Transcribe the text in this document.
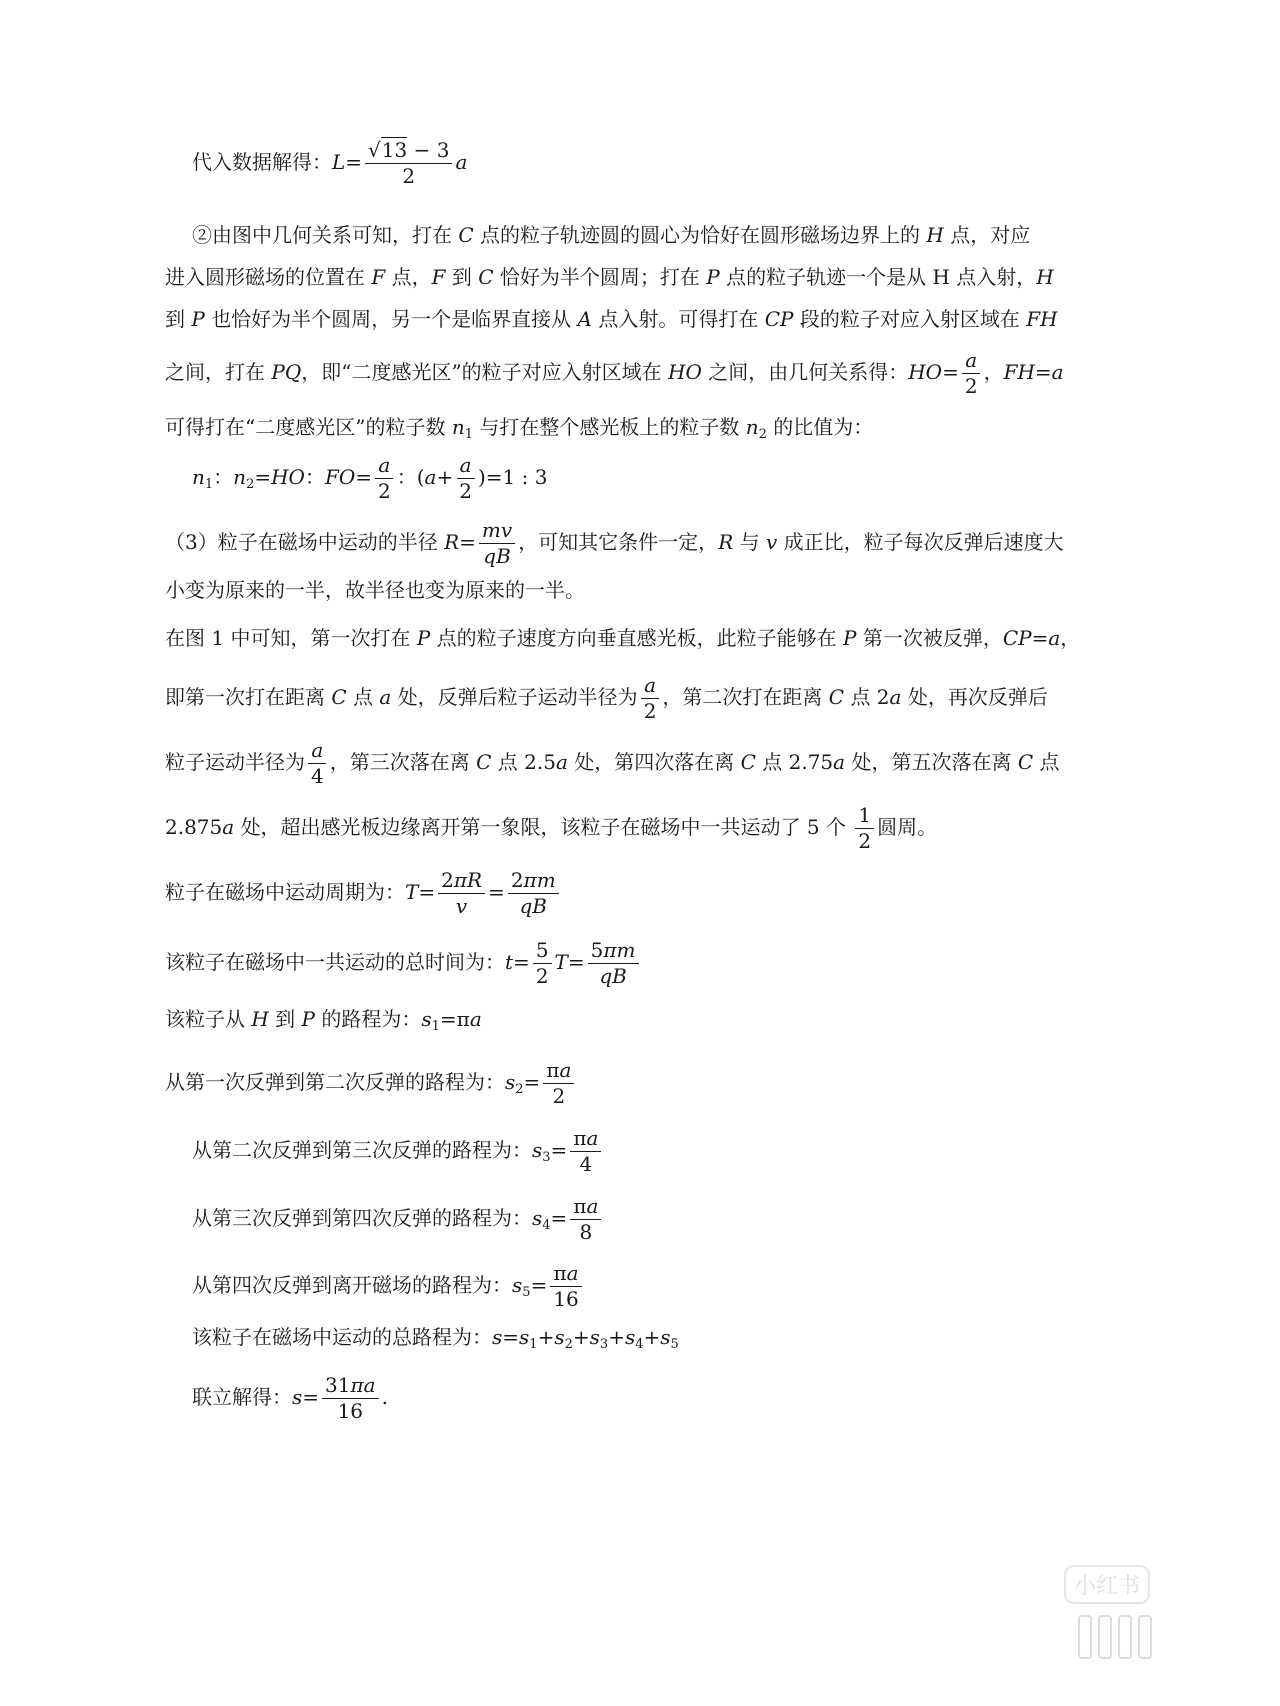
代入数据解得：$L= \frac{√13 - 3}{2}$ a
②由图中几何关系可知，打在 C 点的粒子轨迹圆的圆心为恰好在圆形磁场边界上的 H 点，对应
进入圆形磁场的位置在 F 点，F 到 C 恰好为半个圆周；打在 P 点的粒子轨迹一个是从 H 点入射，H
到 P 也恰好为半个圆周，另一个是临界直接从 A 点入射。可得打在 CP 段的粒子对应入射区域在 FH
之间，打在 PQ，即“二度感光区”的粒子对应入射区域在 HO 之间，由几何关系得：$HO= \frac{a}{2}$ ，FH=a
可得打在“二度感光区”的粒子数 $n_1$ 与打在整个感光板上的粒子数 $n_2$ 的比值为：
$n_1$：$n_2=HO$：$FO= \frac{a}{2}$ ：$(a+ \frac{a}{2} )=1$ : 3
（3）粒子在磁场中运动的半径 $R= \frac{mv}{qB}$ ，可知其它条件一定，R 与 v 成正比，粒子每次反弹后速度大
小变为原来的一半，故半径也变为原来的一半。
在图 1 中可知，第一次打在 P 点的粒子速度方向垂直感光板，此粒子能够在 P 第一次被反弹，CP=a，
即第一次打在距离 C 点 a 处，反弹后粒子运动半径为 $\frac{a}{2}$ ，第二次打在距离 C 点 2a 处，再次反弹后
粒子运动半径为 $\frac{a}{4}$ ，第三次落在离 C 点 2.5a 处，第四次落在离 C 点 2.75a 处，第五次落在离 C 点
2.875a 处，超出感光板边缘离开第一象限，该粒子在磁场中一共运动了 5 个 $\frac{1}{2}$ 圆周。
粒子在磁场中运动周期为：$T= \frac{2\pi R}{v} = \frac{2\pi m}{qB}$
该粒子在磁场中一共运动的总时间为：$t= \frac{5}{2} T= \frac{5\pi m}{qB}$
该粒子从 H 到 P 的路程为：$s_1=\pi a$
从第一次反弹到第二次反弹的路程为：$s_2= \frac{\pi a}{2}$
从第二次反弹到第三次反弹的路程为：$s_3= \frac{\pi a}{4}$
从第三次反弹到第四次反弹的路程为：$s_4= \frac{\pi a}{8}$
从第四次反弹到离开磁场的路程为：$s_5= \frac{\pi a}{16}$
该粒子在磁场中运动的总路程为：$s=s_1+s_2+s_3+s_4+s_5$
联立解得：$s= \frac{31\pi a}{16}$ .
小红书
